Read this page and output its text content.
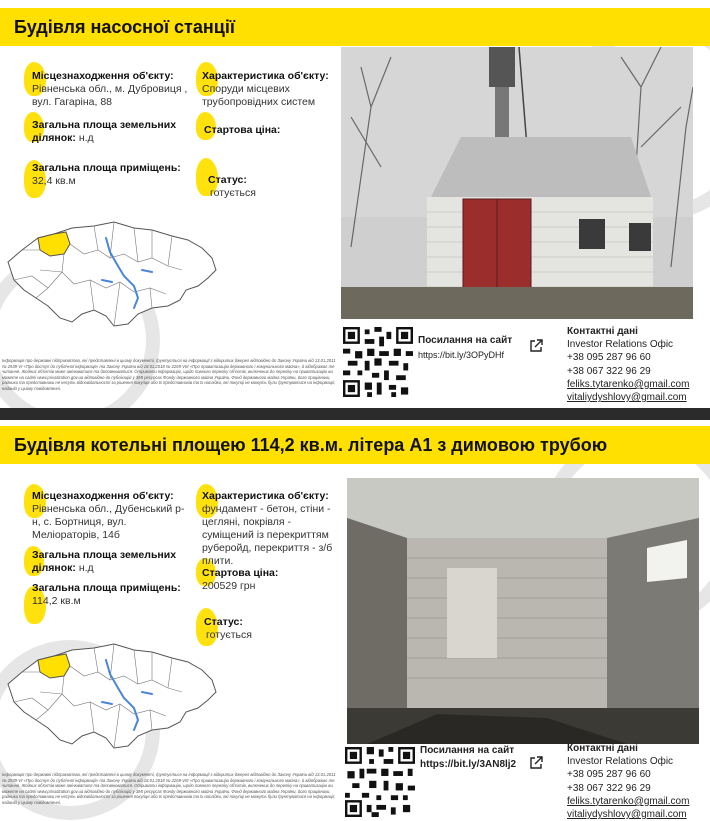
Будівля насосної станції
Місцезнаходження об'єкту:
Рівненська обл., м. Дубровиця , вул. Гагаріна, 88
Загальна площа земельних ділянок: н.д
Загальна площа приміщень:
32,4 кв.м
Характеристика об'єкту:
Споруди місцевих трубопровідних систем
Стартова ціна:
Статус:
готується
Посилання на сайт
https://bit.ly/3OPyDHf
Контактні дані
Investor Relations Офіс
+38 095 287 96 60
+38 067 322 96 29
feliks.tytarenko@gmail.com
vitaliydyshlovy@gmail.com
Інформація про державні підприємства, які представлені в цьому документі, ґрунтується на інформації з відкритих джерел відповідно до Закону України від 13.01.2011 № 2939-VI «Про доступ до публічної інформації» та Закону України від 18.01.2018 № 2269-VIII «Про приватизацію державного і комунального майна», й відображає те читання. Жодних об'єктів може змінюватися та доповнюватися. Отримати інформацію, щодо повного переліку об'єктів, включених до переліку на приватизацію ви можете на сайті www.privatization.gov.ua відповідно до публікацій у ЗМІ ресурсах Фонду державного майна України. Фонд державного майна України, його працівники, радники та представники не несуть відповідальності за рішення покупця або їх представників та їх наслідки, які покупці не можуть були ґрунтуватися на інформації, наданій у цьому повідомленні.
Будівля котельні площею 114,2 кв.м. літера А1 з димовою трубою
Місцезнаходження об'єкту:
Рівненська обл., Дубенський р-н, с. Бортниця, вул. Меліораторів, 14б
Загальна площа земельних ділянок: н.д
Загальна площа приміщень:
114,2 кв.м
Характеристика об'єкту:
фундамент - бетон, стіни - цегляні, покрівля - суміщений із перекриттям руберойд, перекриття - з/б плити.
Стартова ціна:
200529 грн
Статус:
готується
Посилання на сайт
https://bit.ly/3AN8lj2
Контактні дані
Investor Relations Офіс
+38 095 287 96 60
+38 067 322 96 29
feliks.tytarenko@gmail.com
vitaliydyshlovy@gmail.com
Інформація про державні підприємства, які представлені в цьому документі, ґрунтується на інформації з відкритих джерел відповідно до Закону України від 13.01.2011 № 2939-VI «Про доступ до публічної інформації» та Закону України від 18.01.2018 № 2269-VIII «Про приватизацію державного і комунального майна», й відображає те читання. Жодних об'єктів може змінюватися та доповнюватися. Отримати інформацію, щодо повного переліку об'єктів, включених до переліку на приватизацію ви можете на сайті www.privatization.gov.ua відповідно до публікацій у ЗМІ ресурсах Фонду державного майна України. Фонд державного майна України, його працівники, радники та представники не несуть відповідальності за рішення покупця або їх представників та їх наслідки, які покупці не можуть були ґрунтуватися на інформації, наданій у цьому повідомленні.
